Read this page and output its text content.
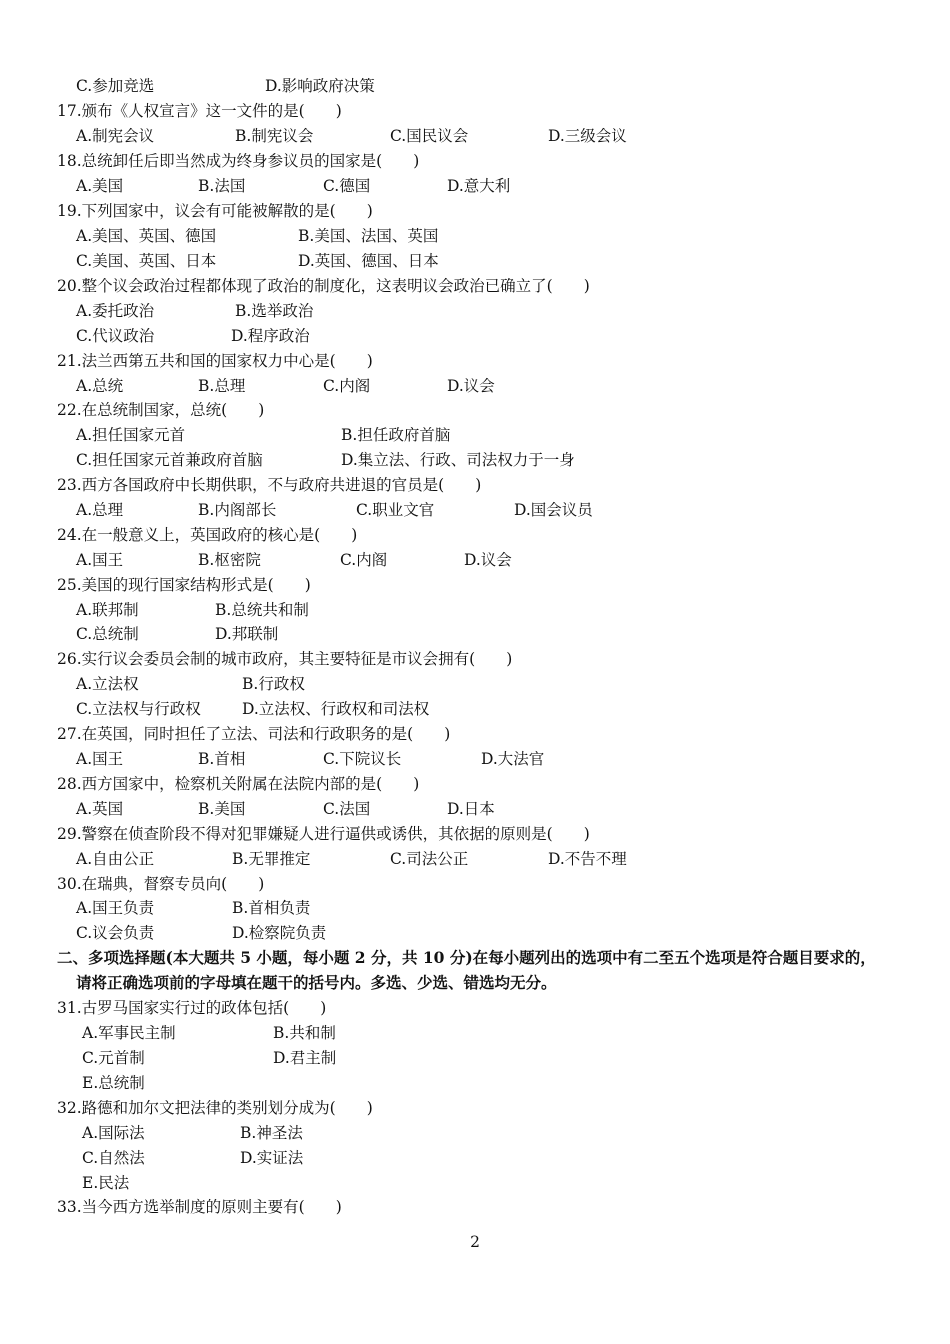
C.参加竞选	D.影响政府决策
17.颁布《人权宣言》这一文件的是(　　)
A.制宪会议	B.制宪议会	C.国民议会	D.三级会议
18.总统卸任后即当然成为终身参议员的国家是(　　)
A.美国	B.法国	C.德国	D.意大利
19.下列国家中，议会有可能被解散的是(　　)
A.美国、英国、德国	B.美国、法国、英国
C.美国、英国、日本	D.英国、德国、日本
20.整个议会政治过程都体现了政治的制度化，这表明议会政治已确立了(　　)
A.委托政治	B.选举政治
C.代议政治	D.程序政治
21.法兰西第五共和国的国家权力中心是(　　)
A.总统	B.总理	C.内阁	D.议会
22.在总统制国家，总统(　　)
A.担任国家元首	B.担任政府首脑
C.担任国家元首兼政府首脑	D.集立法、行政、司法权力于一身
23.西方各国政府中长期供职，不与政府共进退的官员是(　　)
A.总理	B.内阁部长	C.职业文官	D.国会议员
24.在一般意义上，英国政府的核心是(　　)
A.国王	B.枢密院	C.内阁	D.议会
25.美国的现行国家结构形式是(　　)
A.联邦制	B.总统共和制
C.总统制	D.邦联制
26.实行议会委员会制的城市政府，其主要特征是市议会拥有(　　)
A.立法权	B.行政权
C.立法权与行政权	D.立法权、行政权和司法权
27.在英国，同时担任了立法、司法和行政职务的是(　　)
A.国王	B.首相	C.下院议长	D.大法官
28.西方国家中，检察机关附属在法院内部的是(　　)
A.英国	B.美国	C.法国	D.日本
29.警察在侦查阶段不得对犯罪嫌疑人进行逼供或诱供，其依据的原则是(　　)
A.自由公正	B.无罪推定	C.司法公正	D.不告不理
30.在瑞典，督察专员向(　　)
A.国王负责	B.首相负责
C.议会负责	D.检察院负责
二、多项选择题(本大题共 5 小题，每小题 2 分，共 10 分)在每小题列出的选项中有二至五个选项是符合题目要求的，
请将正确选项前的字母填在题干的括号内。多选、少选、错选均无分。
31.古罗马国家实行过的政体包括(　　)
A.军事民主制	B.共和制
C.元首制	D.君主制
E.总统制
32.路德和加尔文把法律的类别划分成为(　　)
A.国际法	B.神圣法
C.自然法	D.实证法
E.民法
33.当今西方选举制度的原则主要有(　　)
2
